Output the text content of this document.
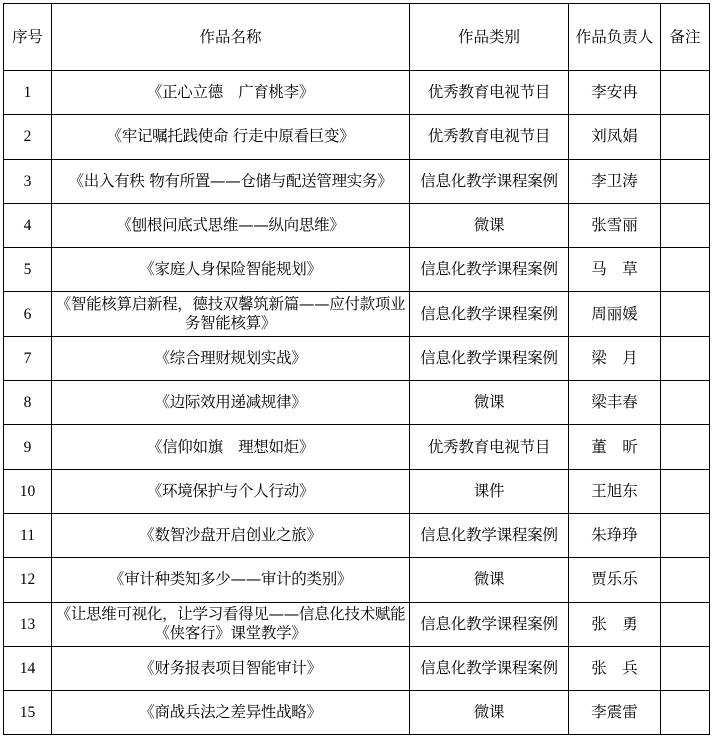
序号	作品名称	作品类别	作品负责人	备注
1	《正心立德　广育桃李》	优秀教育电视节目	李安冉	
2	《牢记嘱托践使命 行走中原看巨变》	优秀教育电视节目	刘凤娟	
3	《出入有秩 物有所置——仓储与配送管理实务》	信息化教学课程案例	李卫涛	
4	《刨根问底式思维——纵向思维》	微课	张雪丽	
5	《家庭人身保险智能规划》	信息化教学课程案例	马　草	
6	《智能核算启新程，德技双馨筑新篇——应付款项业务智能核算》	信息化教学课程案例	周丽媛	
7	《综合理财规划实战》	信息化教学课程案例	梁　月	
8	《边际效用递减规律》	微课	梁丰春	
9	《信仰如旗　理想如炬》	优秀教育电视节目	董　昕	
10	《环境保护与个人行动》	课件	王旭东	
11	《数智沙盘开启创业之旅》	信息化教学课程案例	朱琤琤	
12	《审计种类知多少——审计的类别》	微课	贾乐乐	
13	《让思维可视化，让学习看得见——信息化技术赋能《侠客行》课堂教学》	信息化教学课程案例	张　勇	
14	《财务报表项目智能审计》	信息化教学课程案例	张　兵	
15	《商战兵法之差异性战略》	微课	李震雷	
